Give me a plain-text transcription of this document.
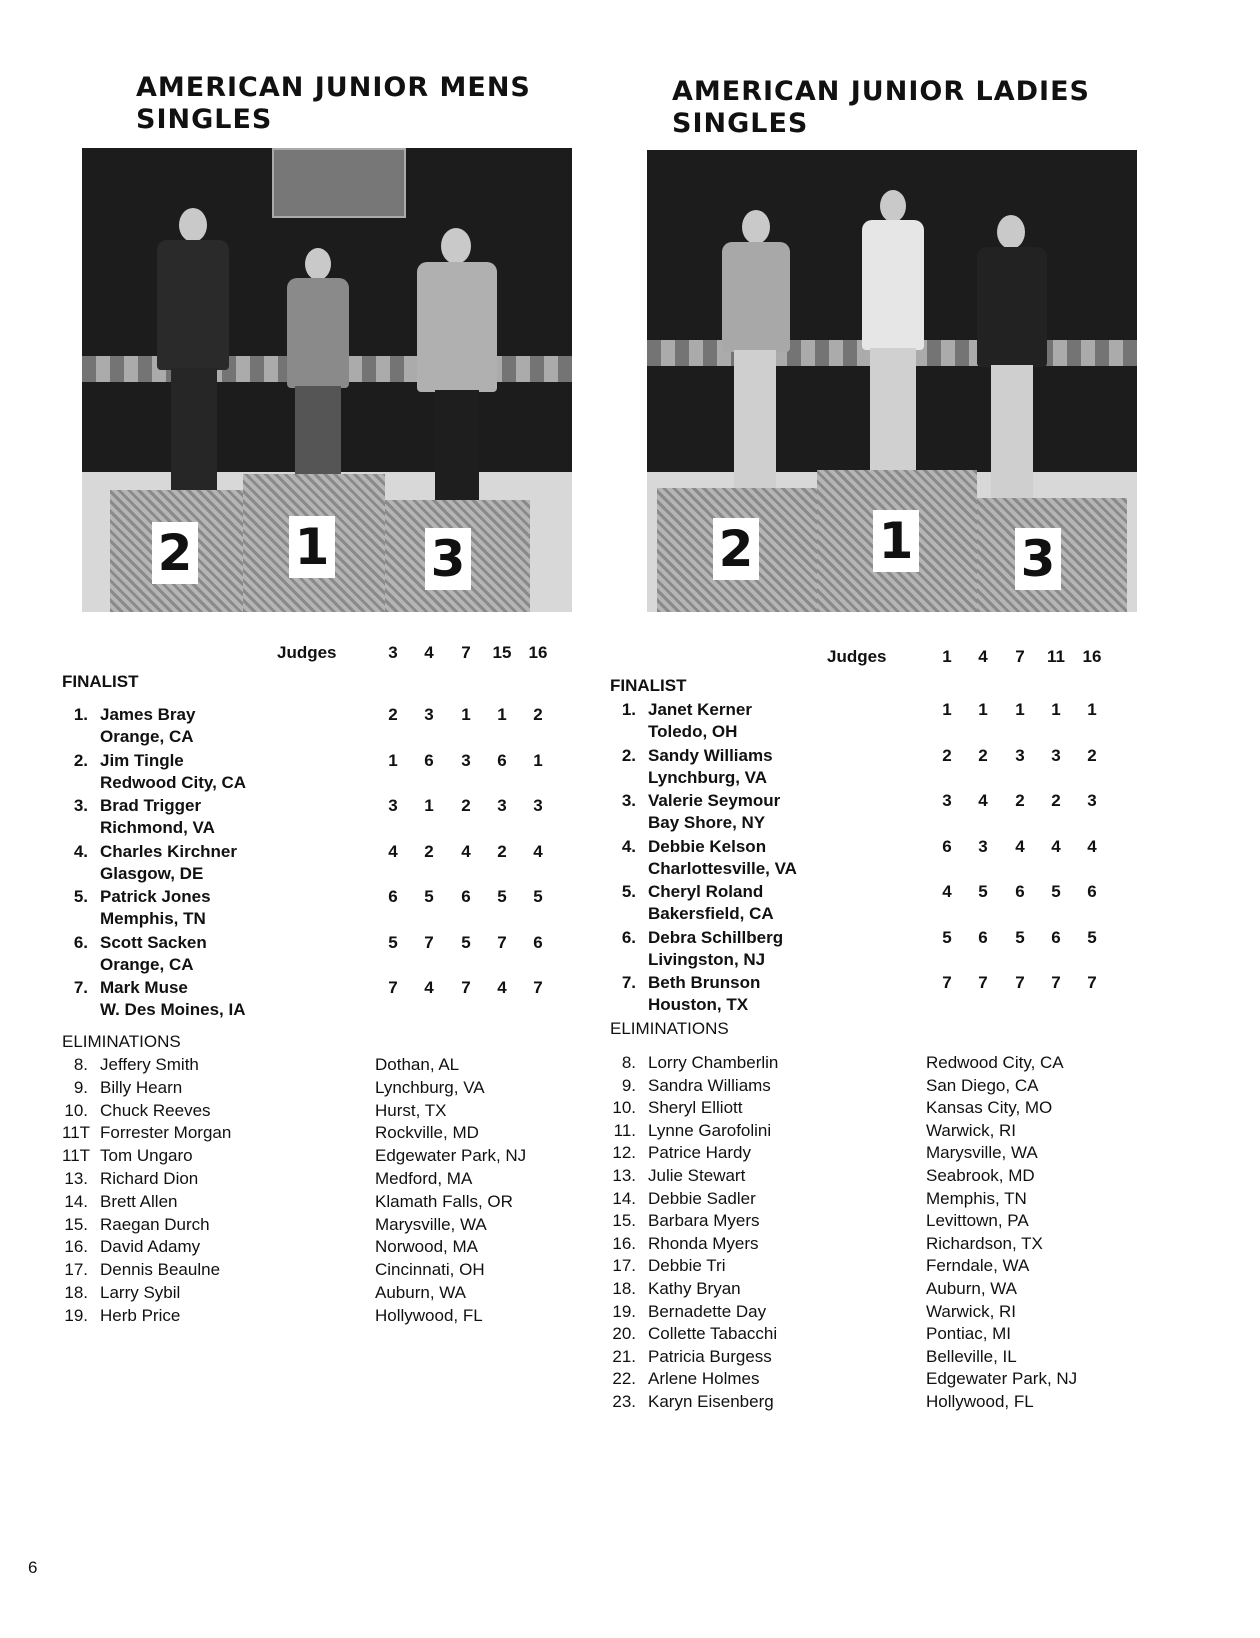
AMERICAN JUNIOR MENS
SINGLES
2 1 3
Judges	3	4	7	15	16
FINALIST
1. James Bray
Orange, CA
2	3	1	1	2
2. Jim Tingle
Redwood City, CA
1	6	3	6	1
3. Brad Trigger
Richmond, VA
3	1	2	3	3
4. Charles Kirchner
Glasgow, DE
4	2	4	2	4
5. Patrick Jones
Memphis, TN
6	5	6	5	5
6. Scott Sacken
Orange, CA
5	7	5	7	6
7. Mark Muse
W. Des Moines, IA
7	4	7	4	7
ELIMINATIONS
8. Jeffery Smith	Dothan, AL
9. Billy Hearn	Lynchburg, VA
10. Chuck Reeves	Hurst, TX
11T Forrester Morgan	Rockville, MD
11T Tom Ungaro	Edgewater Park, NJ
13. Richard Dion	Medford, MA
14. Brett Allen	Klamath Falls, OR
15. Raegan Durch	Marysville, WA
16. David Adamy	Norwood, MA
17. Dennis Beaulne	Cincinnati, OH
18. Larry Sybil	Auburn, WA
19. Herb Price	Hollywood, FL
AMERICAN JUNIOR LADIES
SINGLES
2	1 3
Judges	1	4	7	11	16
FINALIST
1. Janet Kerner
Toledo, OH
1	1	1	1	1
2. Sandy Williams
Lynchburg, VA
2	2	3	3	2
3. Valerie Seymour
Bay Shore, NY
3	4	2	2	3
4. Debbie Kelson
Charlottesville, VA
6	3	4	4	4
5. Cheryl Roland
Bakersfield, CA
4	5	6	5	6
6. Debra Schillberg
Livingston, NJ
5	6	5	6	5
7. Beth Brunson
Houston, TX
7	7	7	7	7
ELIMINATIONS
8. Lorry Chamberlin	Redwood City, CA
9. Sandra Williams	San Diego, CA
10. Sheryl Elliott	Kansas City, MO
11. Lynne Garofolini	Warwick, RI
12. Patrice Hardy	Marysville, WA
13. Julie Stewart	Seabrook, MD
14. Debbie Sadler	Memphis, TN
15. Barbara Myers	Levittown, PA
16. Rhonda Myers	Richardson, TX
17. Debbie Tri	Ferndale, WA
18. Kathy Bryan	Auburn, WA
19. Bernadette Day	Warwick, RI
20. Collette Tabacchi	Pontiac, MI
21. Patricia Burgess	Belleville, IL
22. Arlene Holmes	Edgewater Park, NJ
23. Karyn Eisenberg	Hollywood, FL
6
